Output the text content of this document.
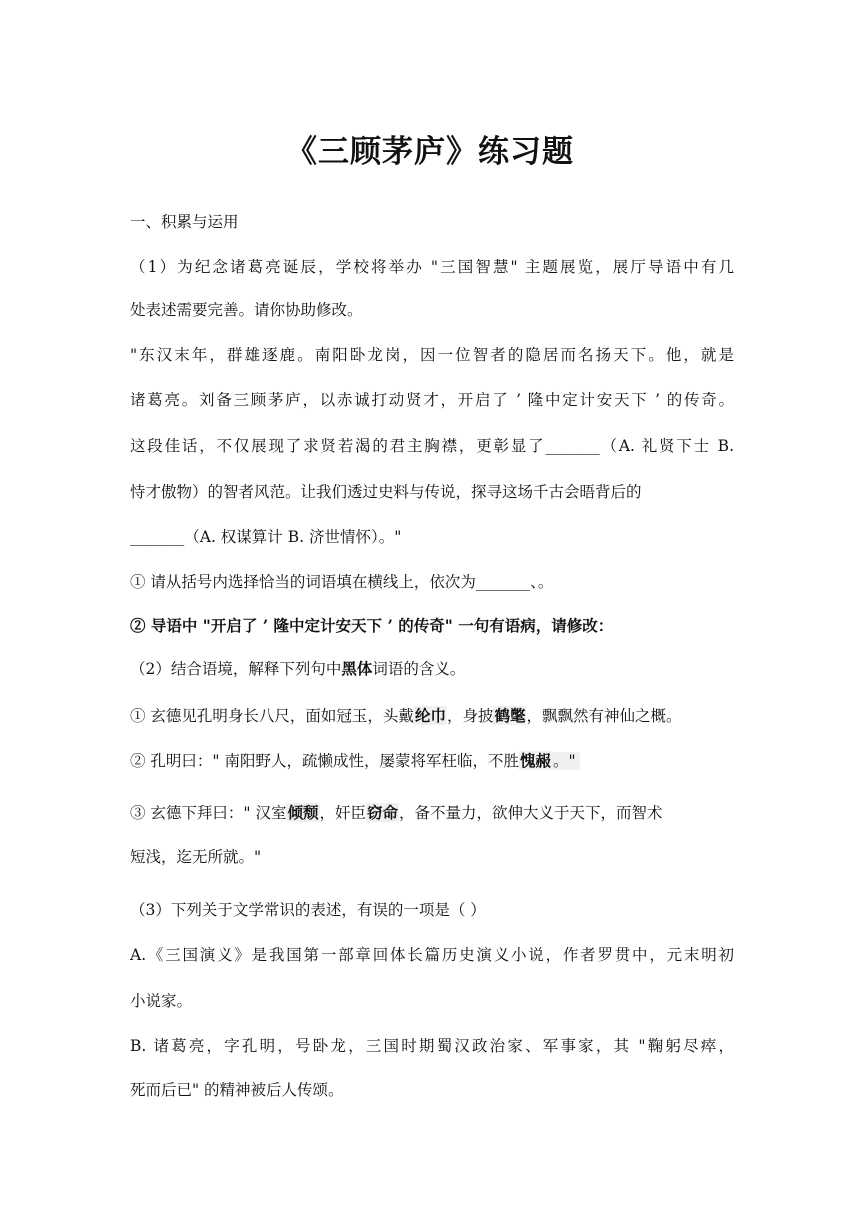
《三顾茅庐》练习题
一、积累与运用
（1）为纪念诸葛亮诞辰，学校将举办 "三国智慧" 主题展览，展厅导语中有几
处表述需要完善。请你协助修改。
"东汉末年，群雄逐鹿。南阳卧龙岗，因一位智者的隐居而名扬天下。他，就是
诸葛亮。刘备三顾茅庐，以赤诚打动贤才，开启了 ’ 隆中定计安天下 ’ 的传奇。
这段佳话，不仅展现了求贤若渴的君主胸襟，更彰显了_______（A. 礼贤下士 B.
恃才傲物）的智者风范。让我们透过史料与传说，探寻这场千古会晤背后的
_______（A. 权谋算计 B. 济世情怀）。"
① 请从括号内选择恰当的词语填在横线上，依次为_______、。
② 导语中 "开启了 ’ 隆中定计安天下 ’ 的传奇" 一句有语病，请修改：
（2）结合语境，解释下列句中黑体词语的含义。
① 玄德见孔明身长八尺，面如冠玉，头戴纶巾，身披鹤氅，飘飘然有神仙之概。
② 孔明曰：" 南阳野人，疏懒成性，屡蒙将军枉临，不胜愧赧 。"
③ 玄德下拜曰：" 汉室倾颓，奸臣窃命，备不量力，欲伸大义于天下，而智术
短浅，迄无所就。"
（3）下列关于文学常识的表述，有误的一项是（ ）
A.《三国演义》是我国第一部章回体长篇历史演义小说，作者罗贯中，元末明初
小说家。
B. 诸葛亮，字孔明，号卧龙，三国时期蜀汉政治家、军事家，其 "鞠躬尽瘁，
死而后已" 的精神被后人传颂。
